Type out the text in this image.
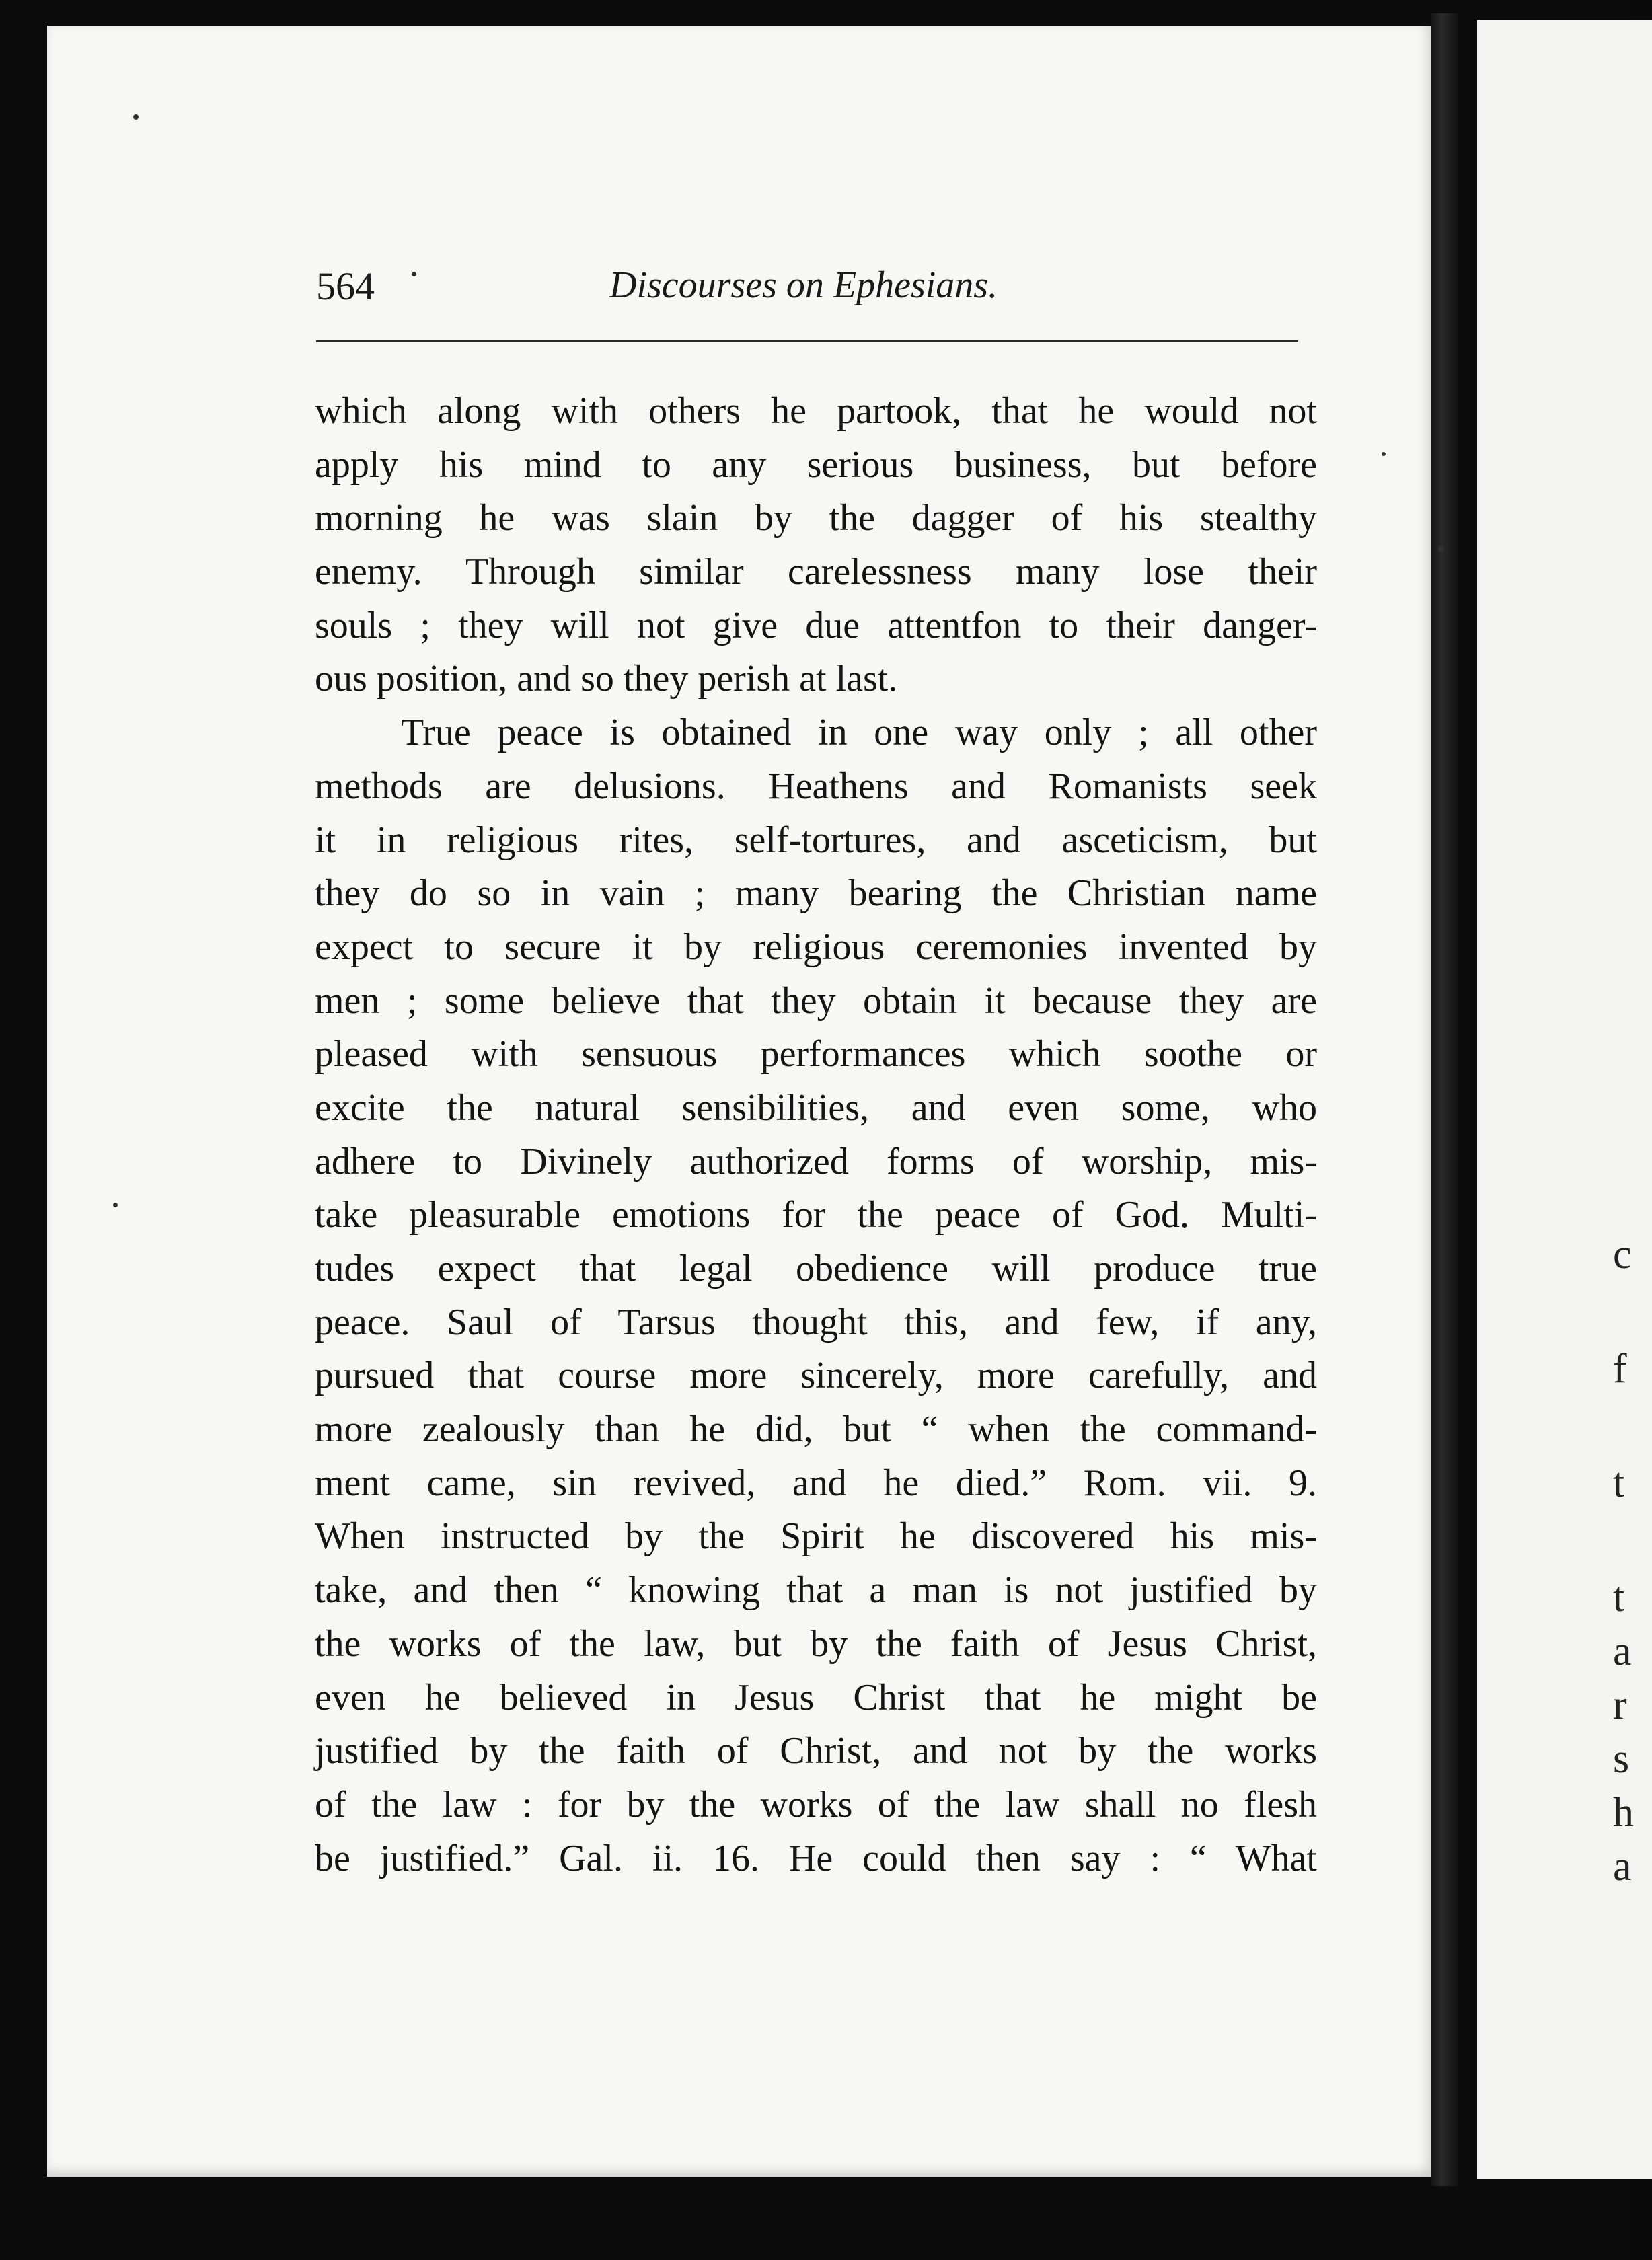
c
t
f
t
a
r
s
h
a
564	Discourses on Ephesians.
which along with others he partook, that he would not
apply his mind to any serious business, but before
morning he was slain by the dagger of his stealthy
enemy. Through similar carelessness many lose their
souls ; they will not give due attentfon to their danger-
ous position, and so they perish at last.
True peace is obtained in one way only ; all other
methods are delusions. Heathens and Romanists seek
it in religious rites, self-tortures, and asceticism, but
they do so in vain ; many bearing the Christian name
expect to secure it by religious ceremonies invented by
men ; some believe that they obtain it because they are
pleased with sensuous performances which soothe or
excite the natural sensibilities, and even some, who
adhere to Divinely authorized forms of worship, mis-
take pleasurable emotions for the peace of God. Multi-
tudes expect that legal obedience will produce true
peace. Saul of Tarsus thought this, and few, if any,
pursued that course more sincerely, more carefully, and
more zealously than he did, but “ when the command-
ment came, sin revived, and he died.” Rom. vii. 9.
When instructed by the Spirit he discovered his mis-
take, and then “ knowing that a man is not justified by
the works of the law, but by the faith of Jesus Christ,
even he believed in Jesus Christ that he might be
justified by the faith of Christ, and not by the works
of the law : for by the works of the law shall no flesh
be justified.” Gal. ii. 16. He could then say : “ What
